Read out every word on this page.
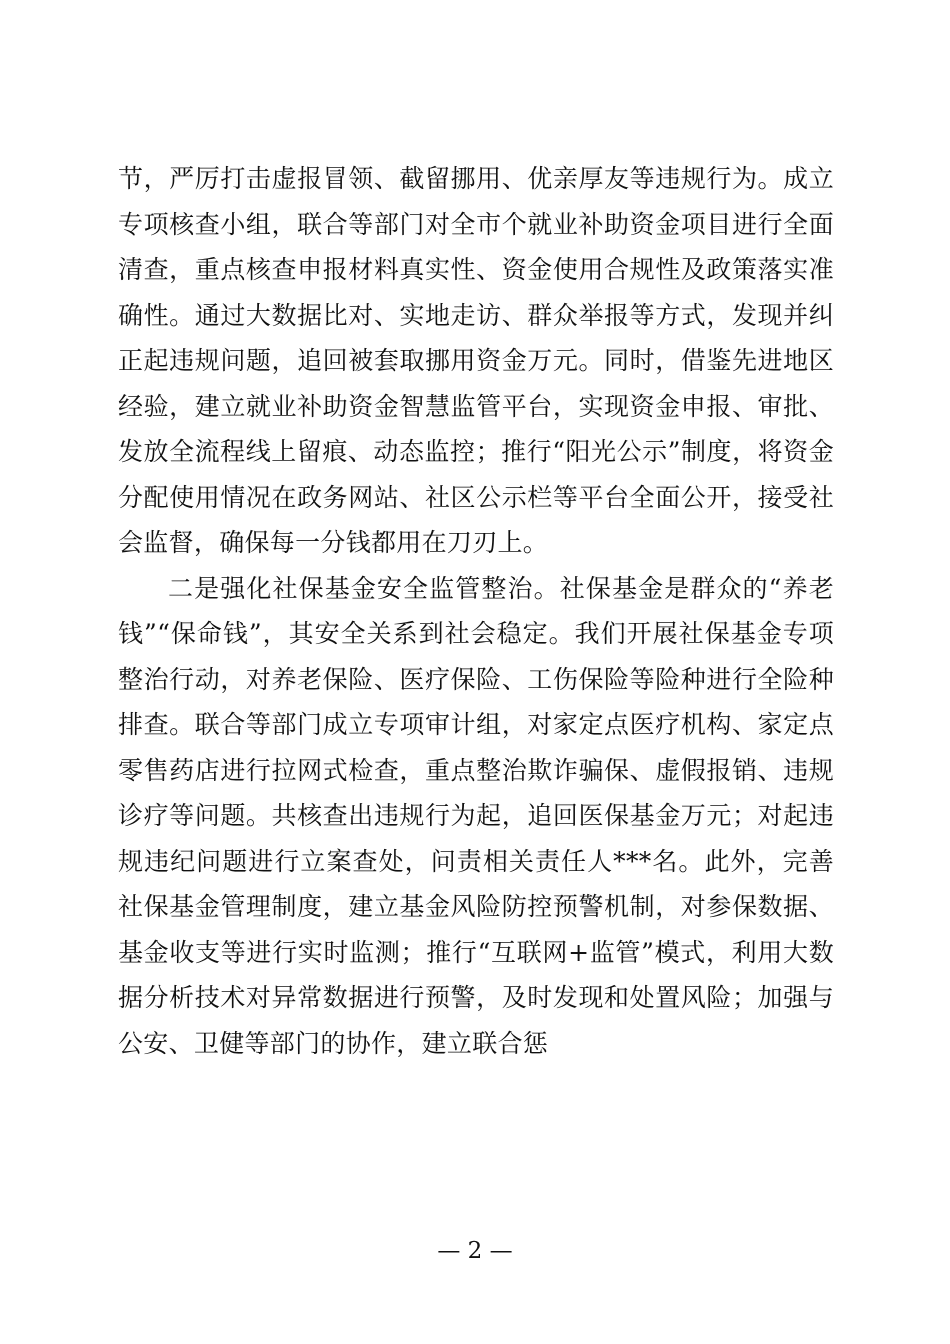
节，严厉打击虚报冒领、截留挪用、优亲厚友等违规行为。成立专项核查小组，联合等部门对全市个就业补助资金项目进行全面清查，重点核查申报材料真实性、资金使用合规性及政策落实准确性。通过大数据比对、实地走访、群众举报等方式，发现并纠正起违规问题，追回被套取挪用资金万元。同时，借鉴先进地区经验，建立就业补助资金智慧监管平台，实现资金申报、审批、发放全流程线上留痕、动态监控；推行“阳光公示”制度，将资金分配使用情况在政务网站、社区公示栏等平台全面公开，接受社会监督，确保每一分钱都用在刀刃上。

二是强化社保基金安全监管整治。社保基金是群众的“养老钱”“保命钱”，其安全关系到社会稳定。我们开展社保基金专项整治行动，对养老保险、医疗保险、工伤保险等险种进行全险种排查。联合等部门成立专项审计组，对家定点医疗机构、家定点零售药店进行拉网式检查，重点整治欺诈骗保、虚假报销、违规诊疗等问题。共核查出违规行为起，追回医保基金万元；对起违规违纪问题进行立案查处，问责相关责任人***名。此外，完善社保基金管理制度，建立基金风险防控预警机制，对参保数据、基金收支等进行实时监测；推行“互联网+监管”模式，利用大数据分析技术对异常数据进行预警，及时发现和处置风险；加强与公安、卫健等部门的协作，建立联合惩

— 2 —
